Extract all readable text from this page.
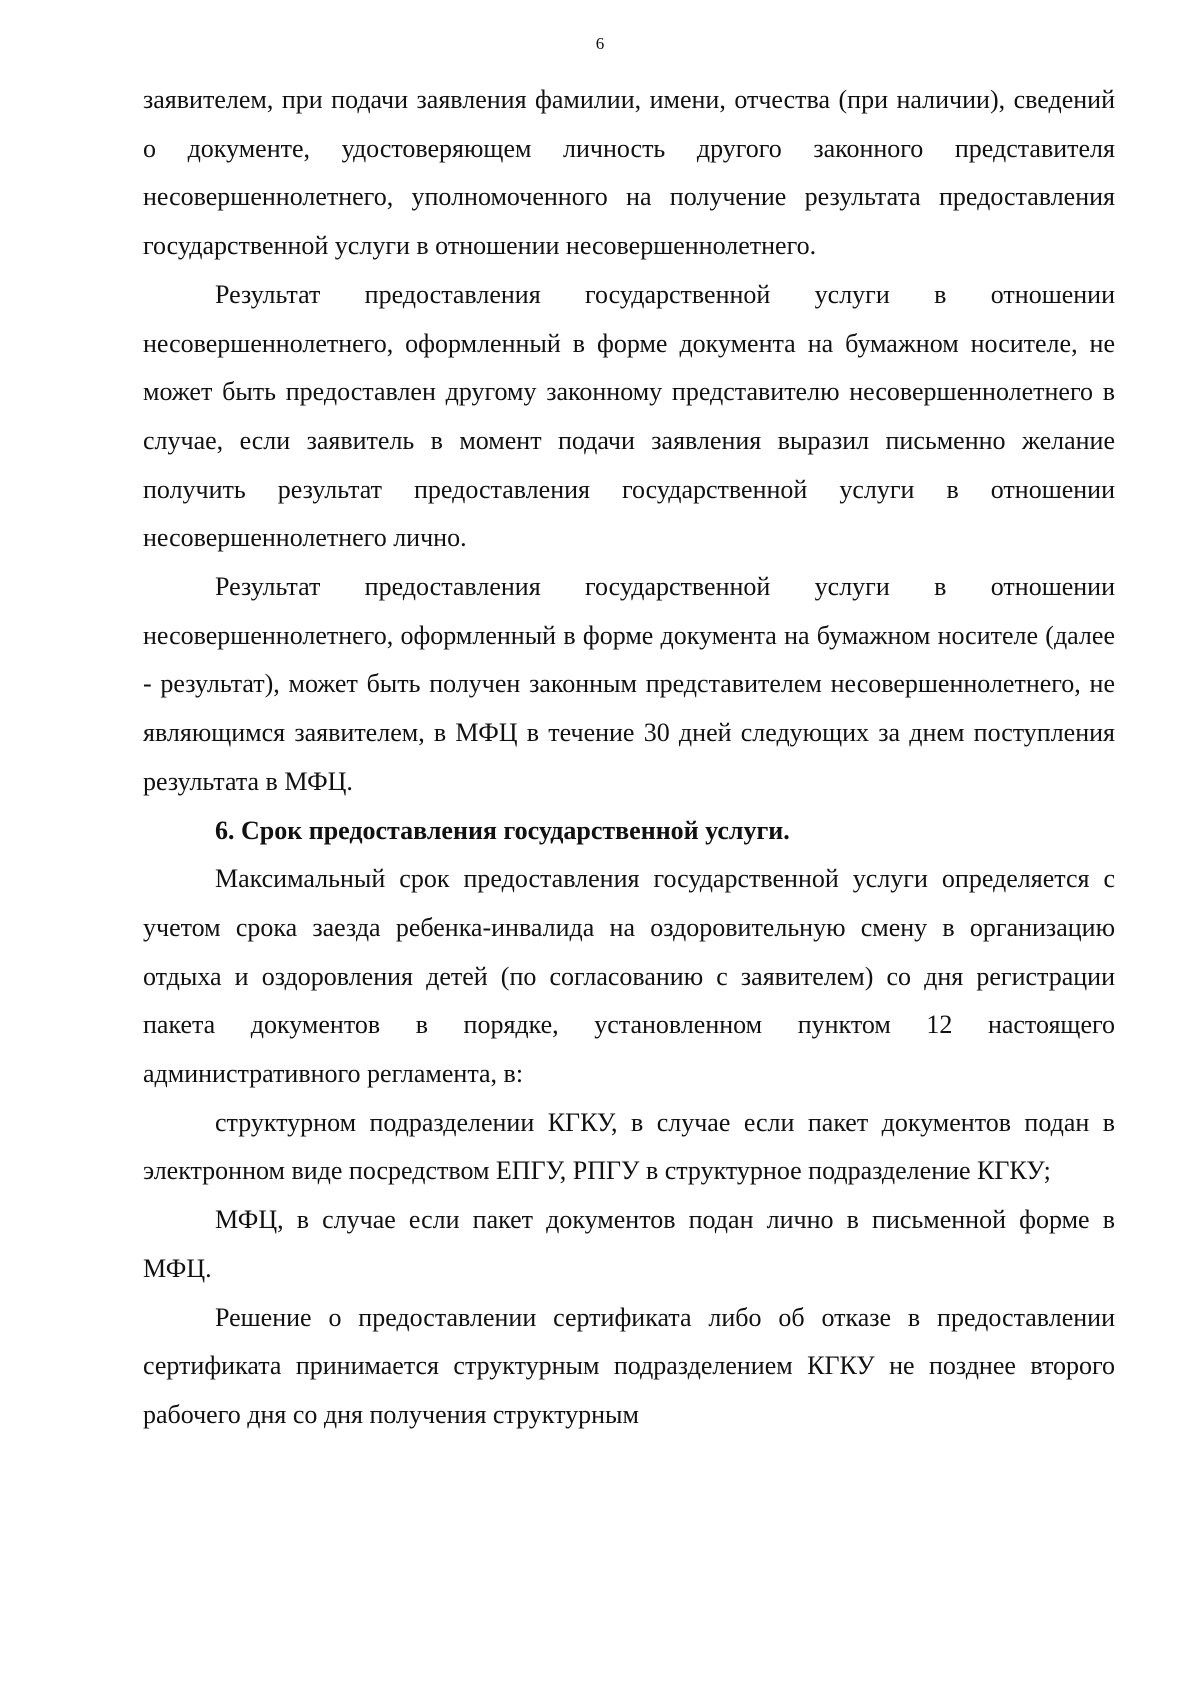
6

заявителем, при подачи заявления фамилии, имени, отчества (при наличии), сведений о документе, удостоверяющем личность другого законного представителя несовершеннолетнего, уполномоченного на получение результата предоставления государственной услуги в отношении несовершеннолетнего.

Результат предоставления государственной услуги в отношении несовершеннолетнего, оформленный в форме документа на бумажном носителе, не может быть предоставлен другому законному представителю несовершеннолетнего в случае, если заявитель в момент подачи заявления выразил письменно желание получить результат предоставления государственной услуги в отношении несовершеннолетнего лично.

Результат предоставления государственной услуги в отношении несовершеннолетнего, оформленный в форме документа на бумажном носителе (далее - результат), может быть получен законным представителем несовершеннолетнего, не являющимся заявителем, в МФЦ в течение 30 дней следующих за днем поступления результата в МФЦ.

6. Срок предоставления государственной услуги.

Максимальный срок предоставления государственной услуги определяется с учетом срока заезда ребенка-инвалида на оздоровительную смену в организацию отдыха и оздоровления детей (по согласованию с заявителем) со дня регистрации пакета документов в порядке, установленном пунктом 12 настоящего административного регламента, в:

структурном подразделении КГКУ, в случае если пакет документов подан в электронном виде посредством ЕПГУ, РПГУ в структурное подразделение КГКУ;

МФЦ, в случае если пакет документов подан лично в письменной форме в МФЦ.

Решение о предоставлении сертификата либо об отказе в предоставлении сертификата принимается структурным подразделением КГКУ не позднее второго рабочего дня со дня получения структурным
